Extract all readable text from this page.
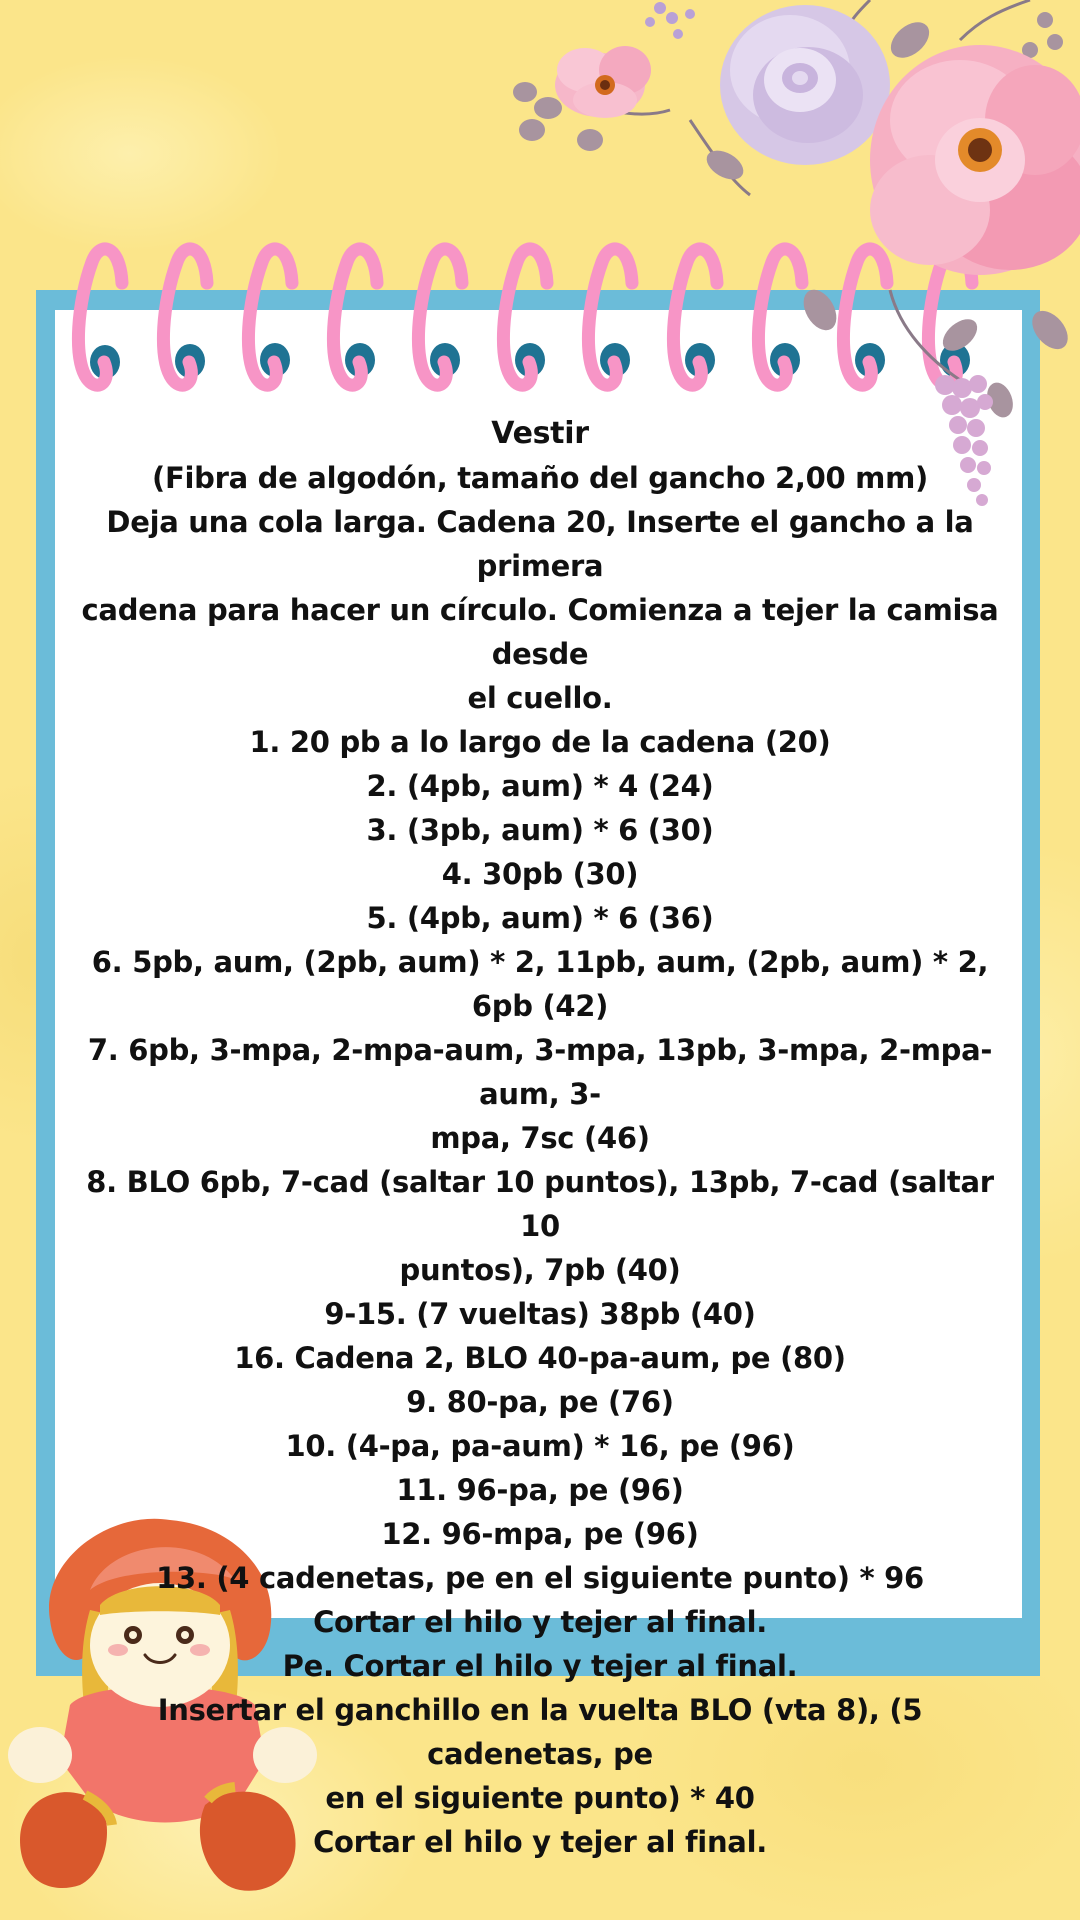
Vestir
(Fibra de algodón, tamaño del gancho 2,00 mm)
Deja una cola larga. Cadena 20, Inserte el gancho a la primera
cadena para hacer un círculo. Comienza a tejer la camisa desde
el cuello.
1. 20 pb a lo largo de la cadena (20)
2. (4pb, aum) * 4 (24)
3. (3pb, aum) * 6 (30)
4. 30pb (30)
5. (4pb, aum) * 6 (36)
6. 5pb, aum, (2pb, aum) * 2, 11pb, aum, (2pb, aum) * 2, 6pb (42)
7. 6pb, 3-mpa, 2-mpa-aum, 3-mpa, 13pb, 3-mpa, 2-mpa-aum, 3-
mpa, 7sc (46)
8. BLO 6pb, 7-cad (saltar 10 puntos), 13pb, 7-cad (saltar 10
puntos), 7pb (40)
9-15. (7 vueltas) 38pb (40)
16. Cadena 2, BLO 40-pa-aum, pe (80)
9. 80-pa, pe (76)
10. (4-pa, pa-aum) * 16, pe (96)
11. 96-pa, pe (96)
12. 96-mpa, pe (96)
13. (4 cadenetas, pe en el siguiente punto) * 96
Cortar el hilo y tejer al final.
Pe. Cortar el hilo y tejer al final.
Insertar el ganchillo en la vuelta BLO (vta 8), (5 cadenetas, pe
en el siguiente punto) * 40
Cortar el hilo y tejer al final.
